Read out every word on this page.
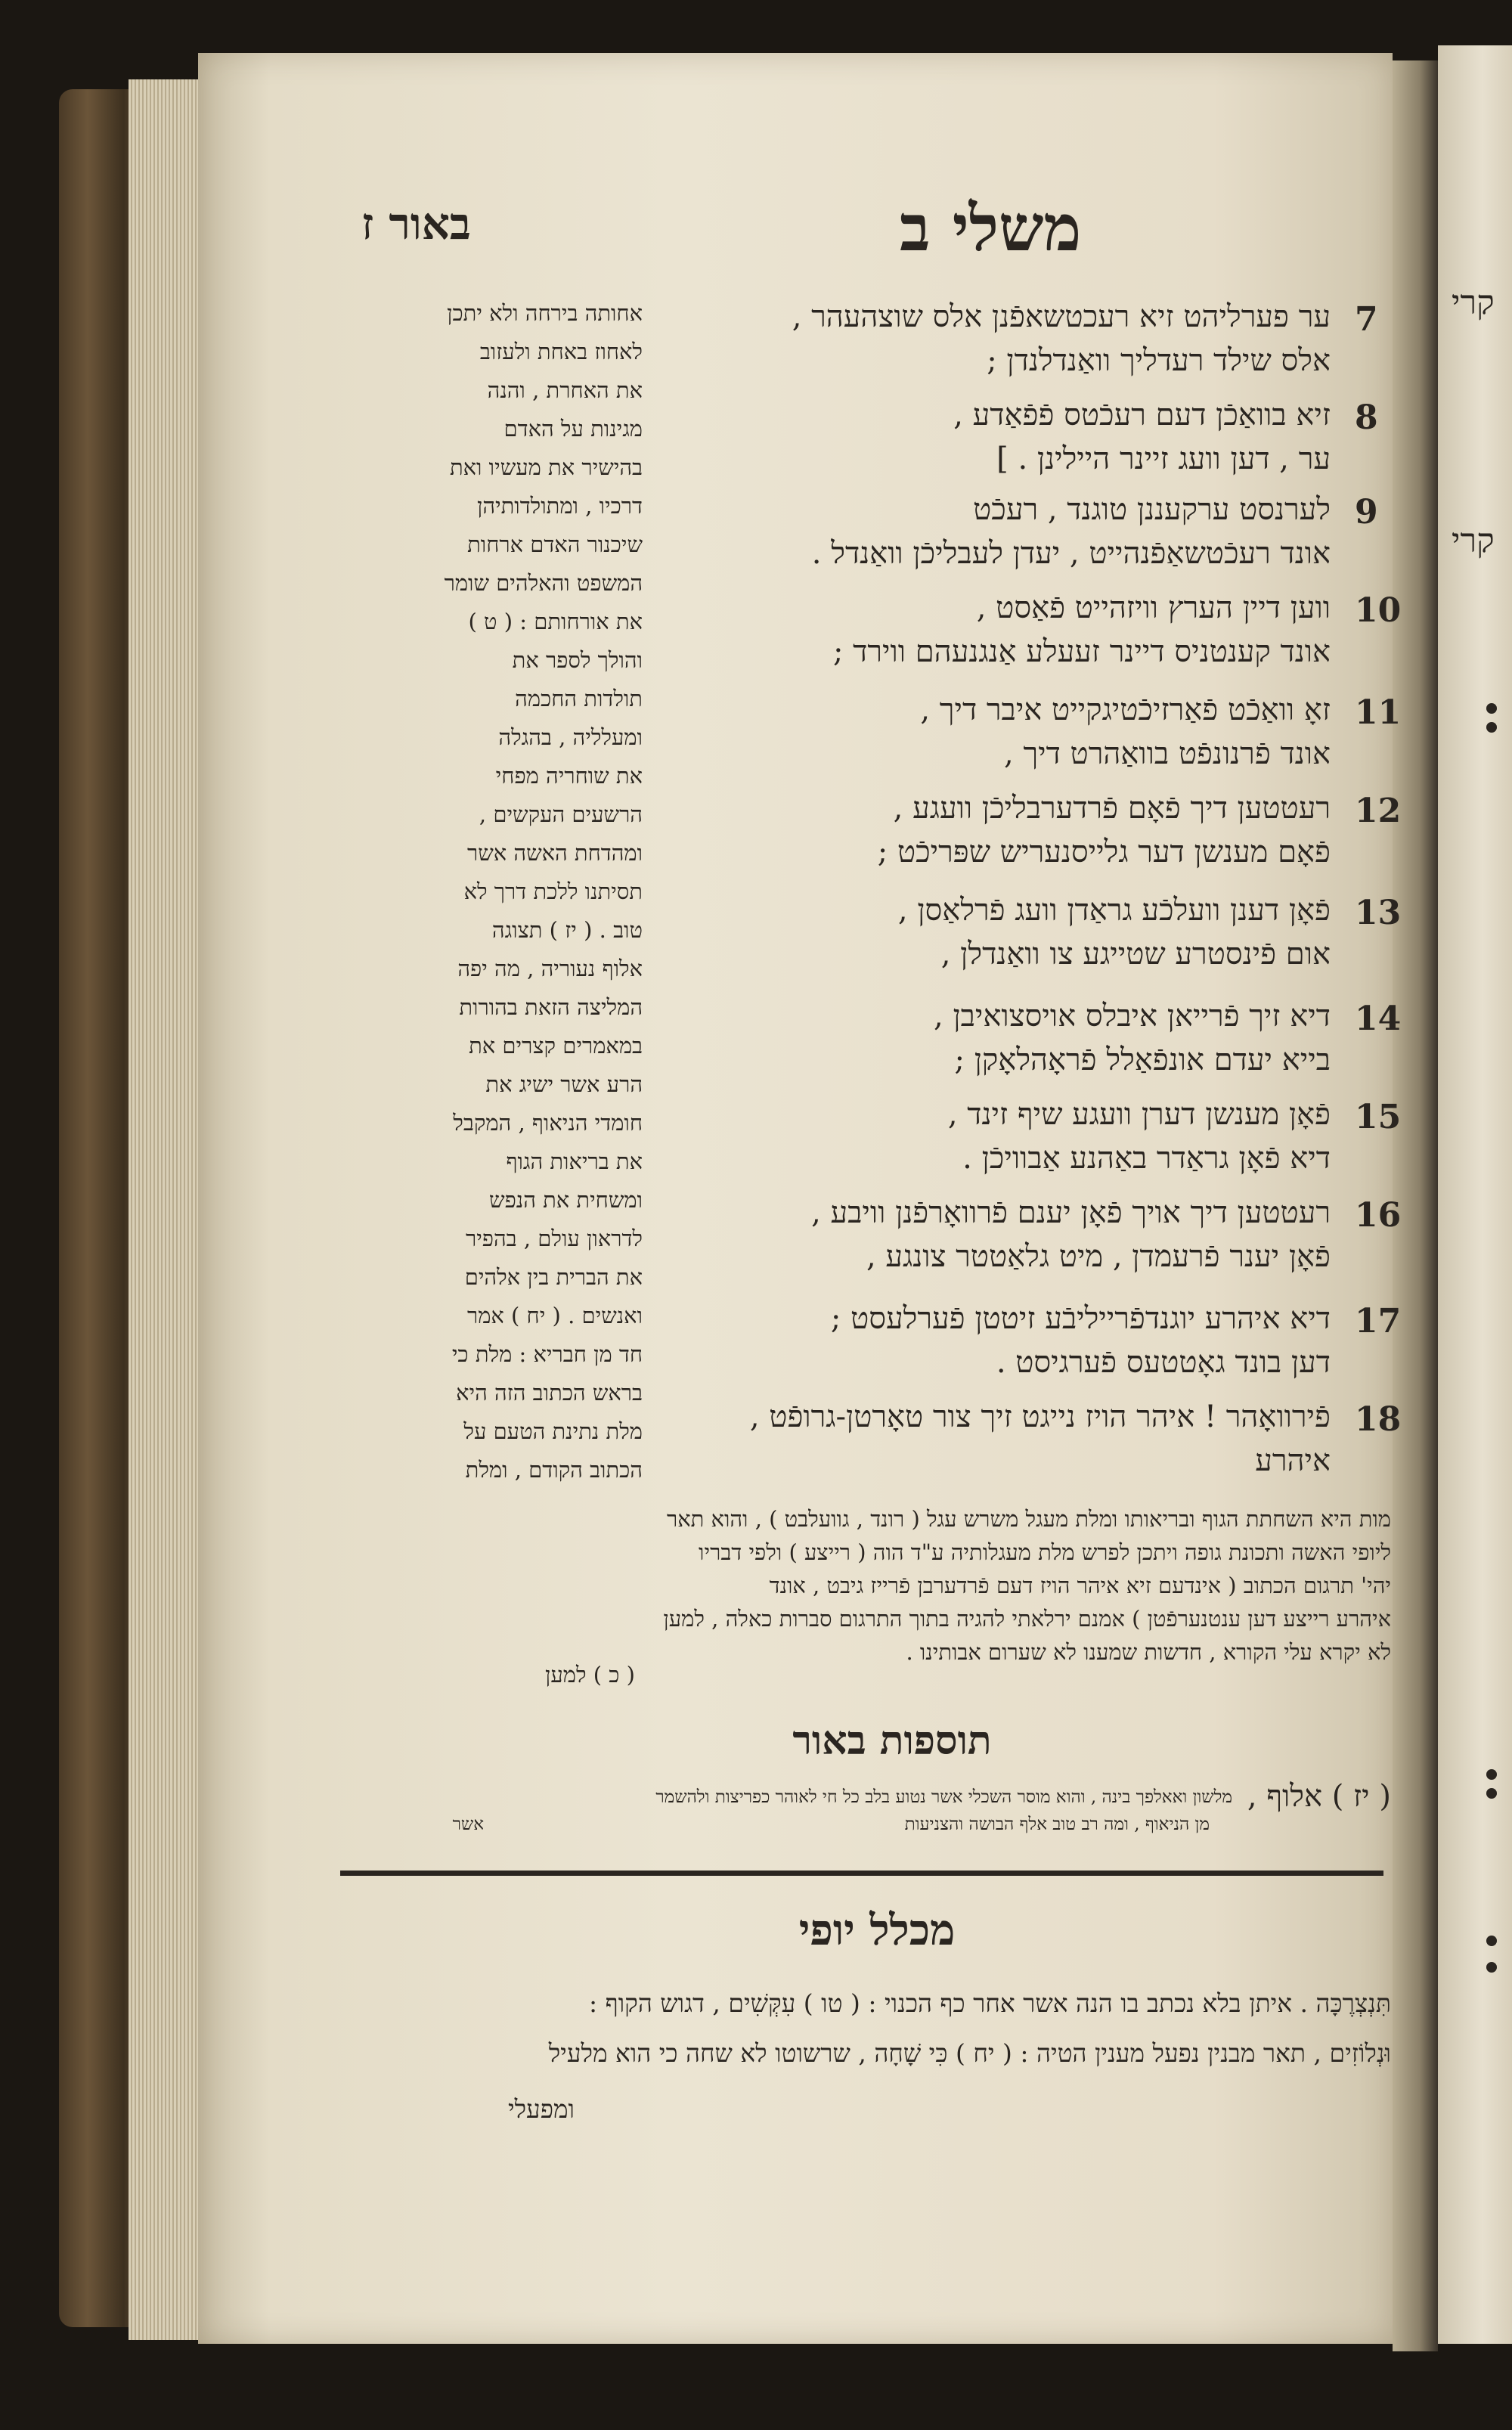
קרי
קרי
משלי ב
באור ז
7
ער פערליהט זיא רעכטשאפֿנן אלס שוצהעהר ,
אלס שילד רעדליך וואַנדלנדן ;
8
זיא בוואַכֿן דעם רעכֿטס פֿפֿאַדע ,
ער , דען וועג זיינר היילינן . ]
9
לערנסט ערקעננן טוגנד , רעכֿט
אונד רעכֿטשאַפֿנהייט , יעדן לעבליכֿן וואַנדל .
10
ווען דיין הערץ וויזהייט פֿאַסט ,
אונד קענטניס דיינר זעעלע אַנגנעהם ווירד ;
11
זאָ וואַכֿט פֿאַרזיכֿטיגקייט איבר דיך ,
אונד פֿרנונפֿט בוואַהרט דיך ,
12
רעטטען דיך פֿאָם פֿרדערבליכֿן וועגע ,
פֿאָם מענשן דער גלייסנעריש שפּריכֿט ;
13
פֿאָן דענן וועלכֿע גראַדן וועג פֿרלאַסן ,
אום פֿינסטרע שטייגע צו וואַנדלן ,
14
דיא זיך פֿרייאן איבלס אויסצואיבן ,
בייא יעדם אונפֿאַלל פֿראָהלאָקן ;
15
פֿאָן מענשן דערן וועגע שיף זינד ,
דיא פֿאָן גראַדר באַהנע אַבוויכֿן .
16
רעטטען דיך אויך פֿאָן יענם פֿרוואָרפֿנן וויבע ,
פֿאָן יענר פֿרעמדן , מיט גלאַטטר צונגע ,
17
דיא איהרע יוגנדפֿרייליבֿע זיטטן פֿערלעסט ;
דען בונד גאָטטעס פֿערגיסט .
18
פֿירוואָהר ! איהר הויז נייגט זיך צור טאָרטן-גרופֿט ,
איהרע
אחותה בירחה ולא יתכן
לאחוז באחת ולעזוב
את האחרת , והנה
מגינות על האדם
בהישיר את מעשיו ואת
דרכיו , ומתולדותיהן
שיכנור האדם ארחות
המשפט והאלהים שומר
את אורחותם : ( ט )
והולך לספר את
תולדות החכמה
ומעלליה , בהגלה
את שוחריה מפחי
הרשעים העקשים ,
ומהדחת האשה אשר
תסיתנו ללכת דרך לא
טוב . ( יז ) תצוגה
אלוף נעוריה , מה יפה
המליצה הזאת בהורות
במאמרים קצרים את
הרע אשר ישיג את
חומדי הניאוף , המקבל
את בריאות הגוף
ומשחית את הנפש
לדראון עולם , בהפיר
את הברית בין אלהים
ואנשים . ( יח ) אמר
חד מן חבריא : מלת כי
בראש הכתוב הזה היא
מלת נתינת הטעם על
הכתוב הקודם , ומלת
מות היא השחתת הגוף ובריאותו ומלת מעגל משרש עגל ( רונד , גוועלבט ) , והוא תאר
ליופי האשה ותכונת גופה ויתכן לפרש מלת מעגלותיה ע"ד הוה ( רייצע ) ולפי דבריו
יהי' תרגום הכתוב ( אינדעם זיא איהר הויז דעם פֿרדערבן פֿרייז גיבט , אונד
איהרע רייצע דען ענטנערפֿטן ) אמנם ירלאתי להגיה בתוך התרגום סברות כאלה , למען
לא יקרא עלי הקורא , חדשות שמענו לא שערום אבותינו .
( כ ) למען
תוספות באור
( יז ) אלוף ,
מלשון ואאלפך בינה , והוא מוסר השכלי אשר נטוע בלב כל חי לאוהר כפריצות ולהשמר
מן הניאוף , ומה רב טוב אלף הבושה והצניעות
אשר
מכלל יופי
תִּנְצְרֶכָּה . איתן בלא נכתב בו הנה אשר אחר כף הכנוי : ( טו ) עִקְּשִׁים , דגוש הקוף :
וּנְלוֹזִים , תאר מבנין נפעל מענין הטיה : ( יח ) כִּי שָׁחָה , שרשוטו לא שחה כי הוא מלעיל
ומפעלי
